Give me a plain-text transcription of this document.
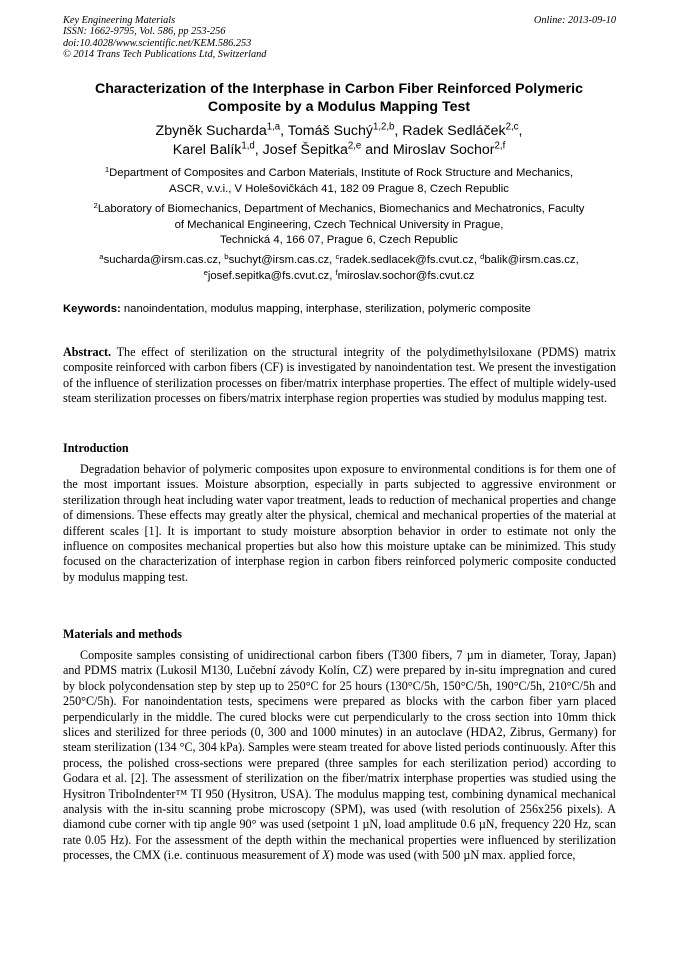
Key Engineering Materials
ISSN: 1662-9795, Vol. 586, pp 253-256
doi:10.4028/www.scientific.net/KEM.586.253
© 2014 Trans Tech Publications Ltd, Switzerland
Online: 2013-09-10
Characterization of the Interphase in Carbon Fiber Reinforced Polymeric
Composite by a Modulus Mapping Test
Zbyněk Sucharda$^{1,a}$, Tomáš Suchý$^{1,2,b}$, Radek Sedláček$^{2,c}$,
Karel Balík$^{1,d}$, Josef Šepitka$^{2,e}$ and Miroslav Sochor$^{2,f}$
$^1$Department of Composites and Carbon Materials, Institute of Rock Structure and Mechanics,
ASCR, v.v.i., V Holešovičkách 41, 182 09 Prague 8, Czech Republic
$^2$Laboratory of Biomechanics, Department of Mechanics, Biomechanics and Mechatronics, Faculty
of Mechanical Engineering, Czech Technical University in Prague,
Technická 4, 166 07, Prague 6, Czech Republic
$^a$sucharda@irsm.cas.cz, $^b$suchyt@irsm.cas.cz, $^c$radek.sedlacek@fs.cvut.cz, $^d$balik@irsm.cas.cz,
$^e$josef.sepitka@fs.cvut.cz, $^f$miroslav.sochor@fs.cvut.cz
Keywords: nanoindentation, modulus mapping, interphase, sterilization, polymeric composite
Abstract. The effect of sterilization on the structural integrity of the polydimethylsiloxane (PDMS) matrix composite reinforced with carbon fibers (CF) is investigated by nanoindentation test. We present the investigation of the influence of sterilization processes on fiber/matrix interphase properties. The effect of multiple widely-used steam sterilization processes on fibers/matrix interphase region properties was studied by modulus mapping test.
Introduction
Degradation behavior of polymeric composites upon exposure to environmental conditions is for them one of the most important issues. Moisture absorption, especially in parts subjected to aggressive environment or sterilization through heat including water vapor treatment, leads to reduction of mechanical properties and change of dimensions. These effects may greatly alter the physical, chemical and mechanical properties of the material at different scales [1]. It is important to study moisture absorption behavior in order to estimate not only the influence on composites mechanical properties but also how this moisture uptake can be minimized. This study focused on the characterization of interphase region in carbon fibers reinforced polymeric composite conducted by modulus mapping test.
Materials and methods
Composite samples consisting of unidirectional carbon fibers (T300 fibers, 7 µm in diameter, Toray, Japan) and PDMS matrix (Lukosil M130, Lučební závody Kolín, CZ) were prepared by in-situ impregnation and cured by block polycondensation step by step up to 250°C for 25 hours (130°C/5h, 150°C/5h, 190°C/5h, 210°C/5h and 250°C/5h). For nanoindentation tests, specimens were prepared as blocks with the carbon fiber yarn placed perpendicularly in the middle. The cured blocks were cut perpendicularly to the cross section into 10mm thick slices and sterilized for three periods (0, 300 and 1000 minutes) in an autoclave (HDA2, Zibrus, Germany) for steam sterilization (134 °C, 304 kPa). Samples were steam treated for above listed periods continuously. After this process, the polished cross-sections were prepared (three samples for each sterilization period) according to Godara et al. [2]. The assessment of sterilization on the fiber/matrix interphase properties was studied using the Hysitron TriboIndenter™ TI 950 (Hysitron, USA). The modulus mapping test, combining dynamical mechanical analysis with the in-situ scanning probe microscopy (SPM), was used (with resolution of 256x256 pixels). A diamond cube corner with tip angle 90° was used (setpoint 1 µN, load amplitude 0.6 µN, frequency 220 Hz, scan rate 0.05 Hz). For the assessment of the depth within the mechanical properties were influenced by sterilization processes, the CMX (i.e. continuous measurement of X) mode was used (with 500 µN max. applied force,
